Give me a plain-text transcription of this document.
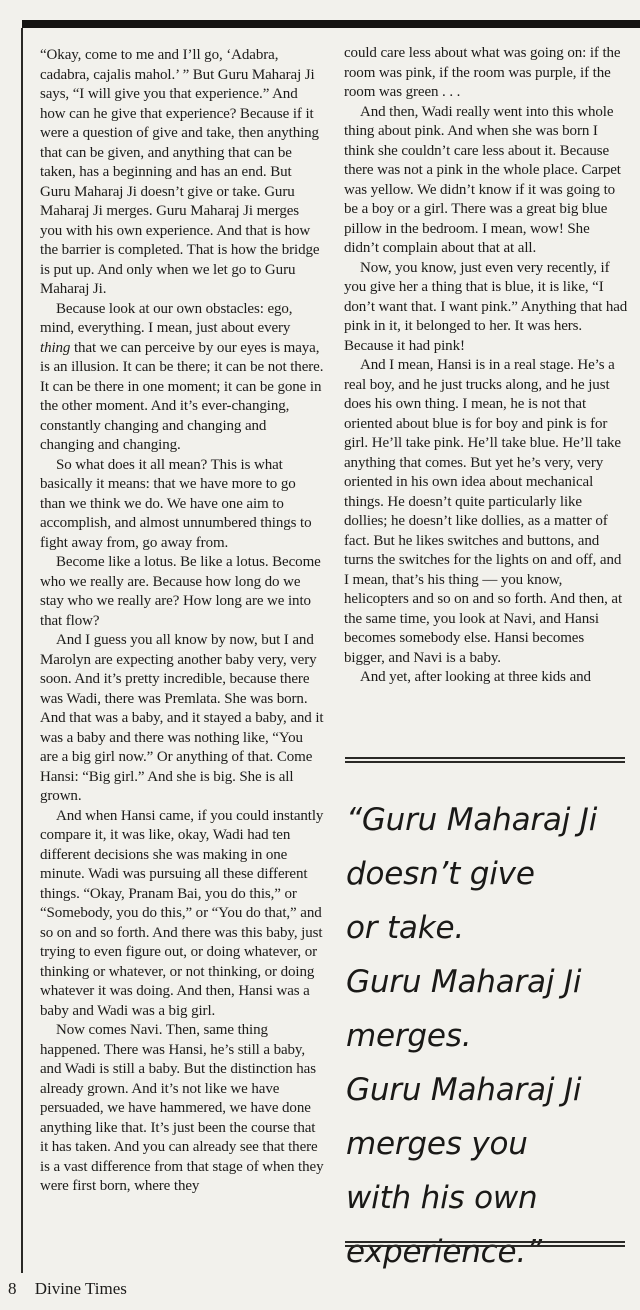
“Okay, come to me and I’ll go, ‘Adabra, cadabra, cajalis mahol.’ ” But Guru Maharaj Ji says, “I will give you that experience.” And how can he give that experience? Because if it were a question of give and take, then anything that can be given, and anything that can be taken, has a beginning and has an end. But Guru Maharaj Ji doesn’t give or take. Guru Maharaj Ji merges. Guru Maharaj Ji merges you with his own experience. And that is how the barrier is completed. That is how the bridge is put up. And only when we let go to Guru Maharaj Ji.

Because look at our own obstacles: ego, mind, everything. I mean, just about every thing that we can perceive by our eyes is maya, is an illusion. It can be there; it can be not there. It can be there in one moment; it can be gone in the other moment. And it’s ever-changing, constantly changing and changing and changing and changing.

So what does it all mean? This is what basically it means: that we have more to go than we think we do. We have one aim to accomplish, and almost unnumbered things to fight away from, go away from.

Become like a lotus. Be like a lotus. Become who we really are. Because how long do we stay who we really are? How long are we into that flow?

And I guess you all know by now, but I and Marolyn are expecting another baby very, very soon. And it’s pretty incredible, because there was Wadi, there was Premlata. She was born. And that was a baby, and it stayed a baby, and it was a baby and there was nothing like, “You are a big girl now.” Or anything of that. Come Hansi: “Big girl.” And she is big. She is all grown.

And when Hansi came, if you could instantly compare it, it was like, okay, Wadi had ten different decisions she was making in one minute. Wadi was pursuing all these different things. “Okay, Pranam Bai, you do this,” or “Somebody, you do this,” or “You do that,” and so on and so forth. And there was this baby, just trying to even figure out, or doing whatever, or thinking or whatever, or not thinking, or doing whatever it was doing. And then, Hansi was a baby and Wadi was a big girl.

Now comes Navi. Then, same thing happened. There was Hansi, he’s still a baby, and Wadi is still a baby. But the distinction has already grown. And it’s not like we have persuaded, we have hammered, we have done anything like that. It’s just been the course that it has taken. And you can already see that there is a vast difference from that stage of when they were first born, where they

could care less about what was going on: if the room was pink, if the room was purple, if the room was green . . .

And then, Wadi really went into this whole thing about pink. And when she was born I think she couldn’t care less about it. Because there was not a pink in the whole place. Carpet was yellow. We didn’t know if it was going to be a boy or a girl. There was a great big blue pillow in the bedroom. I mean, wow! She didn’t complain about that at all.

Now, you know, just even very recently, if you give her a thing that is blue, it is like, “I don’t want that. I want pink.” Anything that had pink in it, it belonged to her. It was hers. Because it had pink!

And I mean, Hansi is in a real stage. He’s a real boy, and he just trucks along, and he just does his own thing. I mean, he is not that oriented about blue is for boy and pink is for girl. He’ll take pink. He’ll take blue. He’ll take anything that comes. But yet he’s very, very oriented in his own idea about mechanical things. He doesn’t quite particularly like dollies; he doesn’t like dollies, as a matter of fact. But he likes switches and buttons, and turns the switches for the lights on and off, and I mean, that’s his thing — you know, helicopters and so on and so forth. And then, at the same time, you look at Navi, and Hansi becomes somebody else. Hansi becomes bigger, and Navi is a baby.

And yet, after looking at three kids and

“Guru Maharaj Ji
doesn’t give
or take.
Guru Maharaj Ji
merges.
Guru Maharaj Ji
merges you
with his own
experience.”
8 Divine Times
